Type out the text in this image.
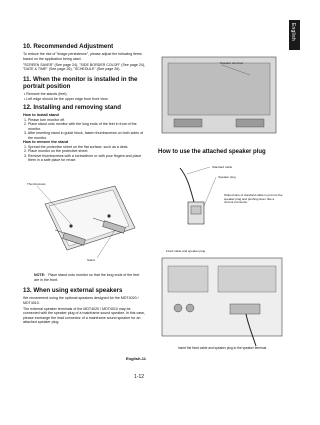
English
10. Recommended Adjustment
To reduce the risk of "image persistence", please adjust the following items based on the application being used.
"SCREEN SAVER" (See page 24), "SIDE BORDER COLOR" (See page 24), "DATE & TIME" (See page 26), "SCHEDULE" (See page 26).
11. When the monitor is installed in the portrait position
• Remove the stands (feet).
• Left edge should be the upper edge from front view.
12. Installing and removing stand
How to install stand
1. Please turn monitor off.
2. Place stand onto monitor with the long ends of the feet in front of the monitor.
3. After inserting stand in guide block, fasten thumbscrews on both sides of the monitor.
How to remove the stand
1. Spread the protective sheet on the flat surface, such as a desk.
2. Place monitor on the protective sheet.
3. Remove thumbscrews with a screwdriver or with your fingers and place them in a safe place for reuse.
Thumbscrews
Stand
NOTE: Place stand onto monitor so that the long ends of the feet are in the front.
13. When using external speakers
We recommend using the optional speakers designed for the MDT4020 / MDT4010.
The external speaker terminals of the MDT4020 / MDT4010 may be connected with the speaker plug of a mainframe sound speaker. In this case, please exchange the lead connector of a mainframe sound speaker for an attached speaker plug.
Speaker terminal
How to use the attached speaker plug
Standard cable
Speaker plug
Striped wire of standard cable is put into the speaker plug and pushing lever, like a current connector.
Fixed cable and speaker plug
Insert the fixed cable and speaker plug to the speaker terminal.
English-11
1-12
